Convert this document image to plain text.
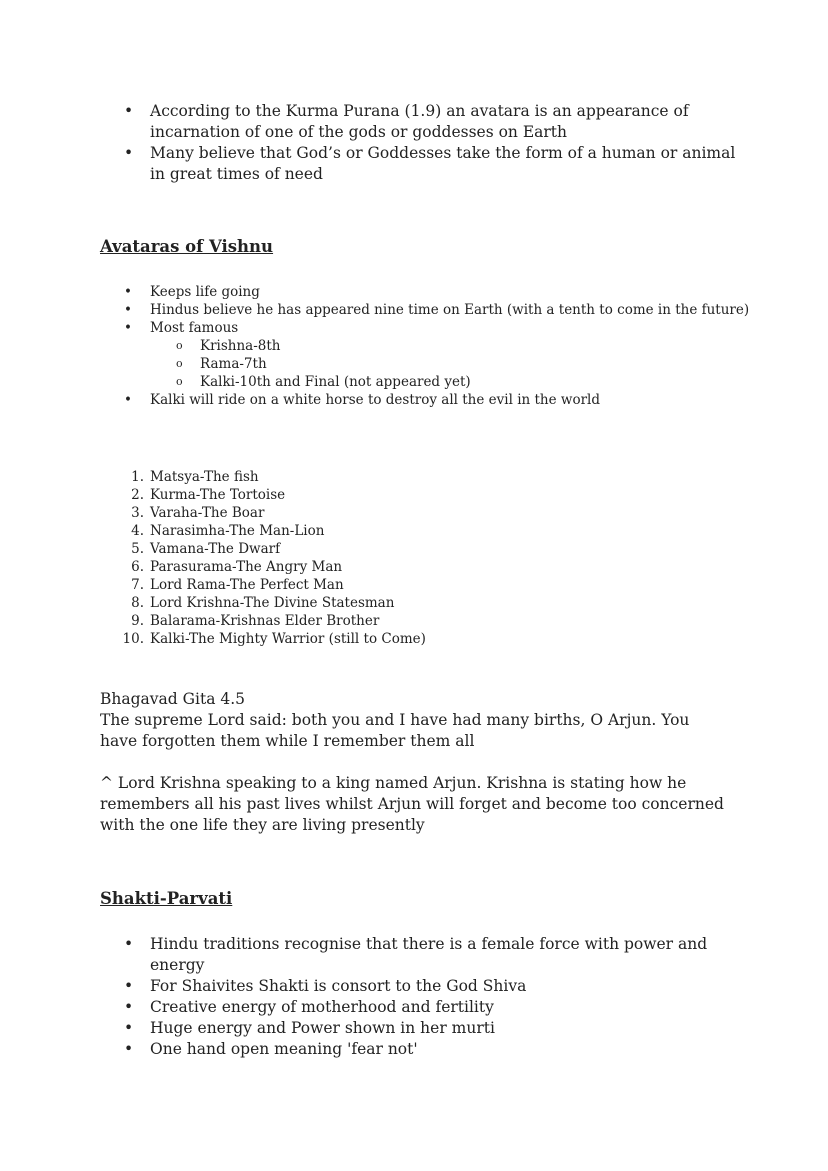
• According to the Kurma Purana (1.9) an avatara is an appearance of incarnation of one of the gods or goddesses on Earth
• Many believe that God’s or Goddesses take the form of a human or animal in great times of need
Avataras of Vishnu
• Keeps life going
• Hindus believe he has appeared nine time on Earth (with a tenth to come in the future)
• Most famous
o Krishna-8th
o Rama-7th
o Kalki-10th and Final (not appeared yet)
• Kalki will ride on a white horse to destroy all the evil in the world
1. Matsya-The fish
2. Kurma-The Tortoise
3. Varaha-The Boar
4. Narasimha-The Man-Lion
5. Vamana-The Dwarf
6. Parasurama-The Angry Man
7. Lord Rama-The Perfect Man
8. Lord Krishna-The Divine Statesman
9. Balarama-Krishnas Elder Brother
10. Kalki-The Mighty Warrior (still to Come)
Bhagavad Gita 4.5
The supreme Lord said: both you and I have had many births, O Arjun. You have forgotten them while I remember them all
^ Lord Krishna speaking to a king named Arjun. Krishna is stating how he remembers all his past lives whilst Arjun will forget and become too concerned with the one life they are living presently
Shakti-Parvati
• Hindu traditions recognise that there is a female force with power and energy
• For Shaivites Shakti is consort to the God Shiva
• Creative energy of motherhood and fertility
• Huge energy and Power shown in her murti
• One hand open meaning 'fear not'
